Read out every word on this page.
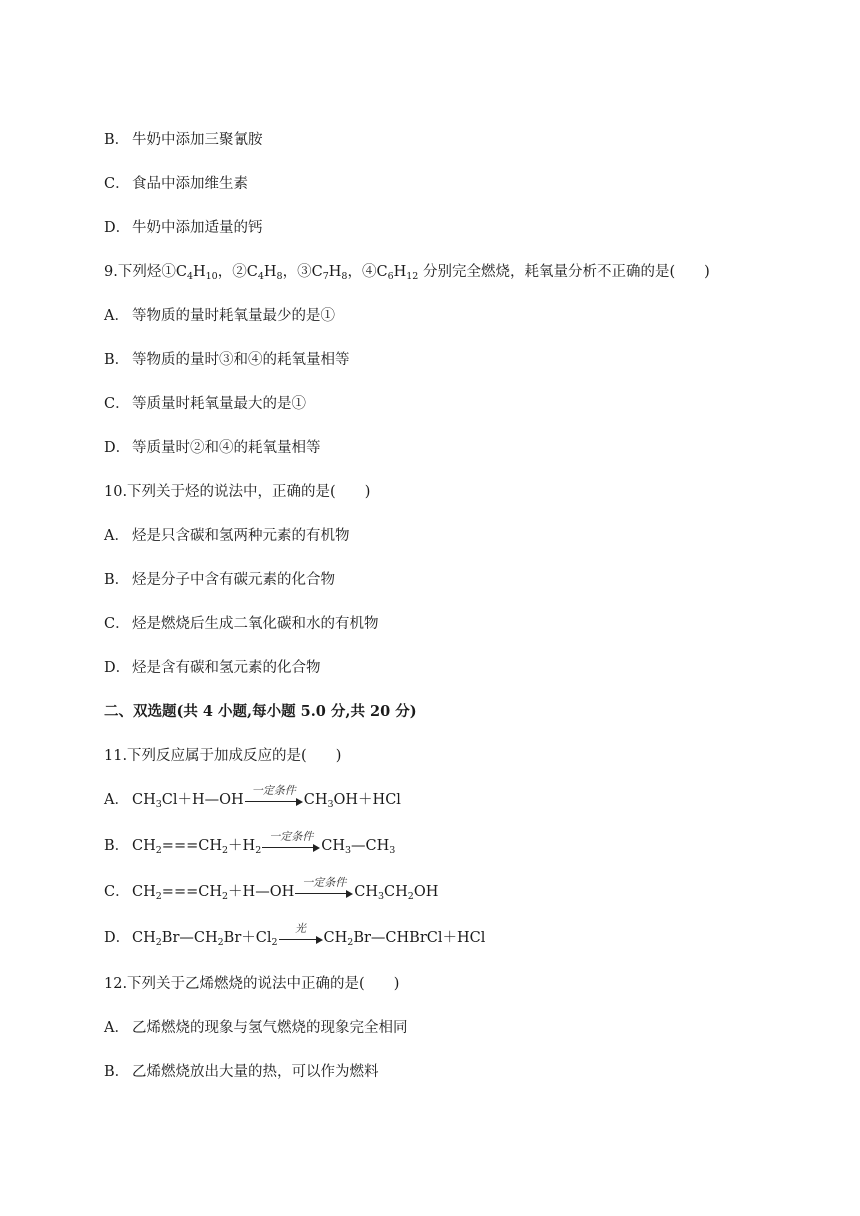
B． 牛奶中添加三聚氰胺
C． 食品中添加维生素
D． 牛奶中添加适量的钙
9.下列烃$①C_4H_{10}$，$②C_4H_8$，$③C_7H_8$，$④C_6H_{12}$ 分别完全燃烧，耗氧量分析不正确的是(　　)
A． 等物质的量时耗氧量最少的是①
B． 等物质的量时③和④的耗氧量相等
C． 等质量时耗氧量最大的是①
D． 等质量时②和④的耗氧量相等
10.下列关于烃的说法中，正确的是(　　)
A． 烃是只含碳和氢两种元素的有机物
B． 烃是分子中含有碳元素的化合物
C． 烃是燃烧后生成二氧化碳和水的有机物
D． 烃是含有碳和氢元素的化合物
二、双选题(共 4 小题,每小题 5.0 分,共 20 分)
11.下列反应属于加成反应的是(　　)
A． $CH_3Cl+H—OH$
一定条件
$CH_3OH+HCl$
B． $CH_2===CH_2+H_2$
一定条件
$CH_3—CH_3$
C． $CH_2===CH_2+H—OH$
一定条件
$CH_3CH_2OH$
D． $CH_2Br—CH_2Br+Cl_2$
光
$CH_2Br—CHBrCl+HCl$
12.下列关于乙烯燃烧的说法中正确的是(　　)
A． 乙烯燃烧的现象与氢气燃烧的现象完全相同
B． 乙烯燃烧放出大量的热，可以作为燃料
